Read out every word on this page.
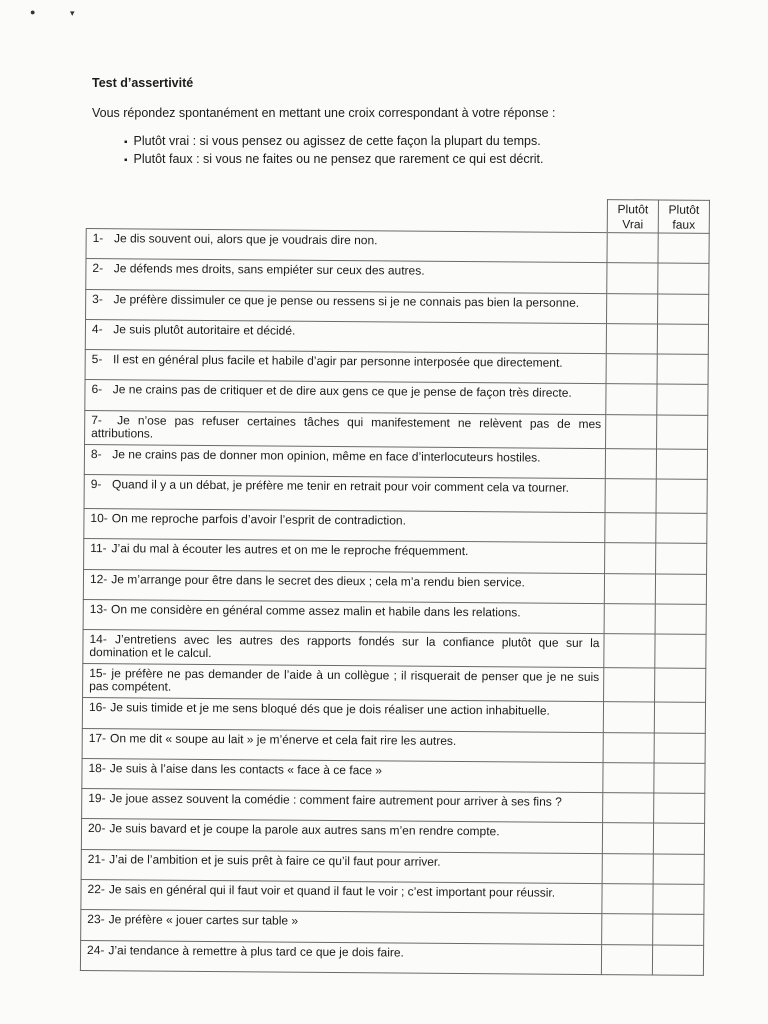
●	▾
Test d’assertivité
Vous répondez spontanément en mettant une croix correspondant à votre réponse :
▪ Plutôt vrai : si vous pensez ou agissez de cette façon la plupart du temps.
▪ Plutôt faux : si vous ne faites ou ne pensez que rarement ce qui est décrit.
	Plutôt Vrai	Plutôt faux
1- Je dis souvent oui, alors que je voudrais dire non.		
2- Je défends mes droits, sans empiéter sur ceux des autres.		
3- Je préfère dissimuler ce que je pense ou ressens si je ne connais pas bien la personne.		
4- Je suis plutôt autoritaire et décidé.		
5- Il est en général plus facile et habile d’agir par personne interposée que directement.		
6- Je ne crains pas de critiquer et de dire aux gens ce que je pense de façon très directe.		
7- Je n’ose pas refuser certaines tâches qui manifestement ne relèvent pas de mes attributions.		
8- Je ne crains pas de donner mon opinion, même en face d’interlocuteurs hostiles.		
9- Quand il y a un débat, je préfère me tenir en retrait pour voir comment cela va tourner.		
10- On me reproche parfois d’avoir l’esprit de contradiction.		
11- J’ai du mal à écouter les autres et on me le reproche fréquemment.		
12- Je m’arrange pour être dans le secret des dieux ; cela m’a rendu bien service.		
13- On me considère en général comme assez malin et habile dans les relations.		
14- J’entretiens avec les autres des rapports fondés sur la confiance plutôt que sur la domination et le calcul.		
15- je préfère ne pas demander de l’aide à un collègue ; il risquerait de penser que je ne suis pas compétent.		
16- Je suis timide et je me sens bloqué dés que je dois réaliser une action inhabituelle.		
17- On me dit « soupe au lait » je m’énerve et cela fait rire les autres.		
18- Je suis à l’aise dans les contacts « face à ce face »		
19- Je joue assez souvent la comédie : comment faire autrement pour arriver à ses fins ?		
20- Je suis bavard et je coupe la parole aux autres sans m’en rendre compte.		
21- J’ai de l’ambition et je suis prêt à faire ce qu’il faut pour arriver.		
22- Je sais en général qui il faut voir et quand il faut le voir ; c’est important pour réussir.		
23- Je préfère « jouer cartes sur table »		
24- J’ai tendance à remettre à plus tard ce que je dois faire.		
